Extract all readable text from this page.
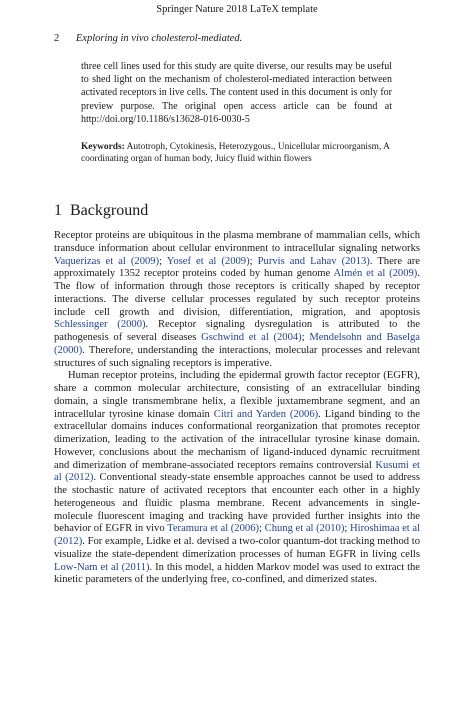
Springer Nature 2018 LaTeX template
2 Exploring in vivo cholesterol-mediated.

three cell lines used for this study are quite diverse, our results may be useful to shed light on the mechanism of cholesterol-mediated interaction between activated receptors in live cells. The content used in this document is only for preview purpose. The original open access article can be found at http://doi.org/10.1186/s13628-016-0030-5

Keywords: Autotroph, Cytokinesis, Heterozygous., Unicellular microorganism, A coordinating organ of human body, Juicy fluid within flowers
1 Background

Receptor proteins are ubiquitous in the plasma membrane of mammalian cells, which transduce information about cellular environment to intracellular signaling networks Vaquerizas et al (2009); Yosef et al (2009); Purvis and Lahav (2013). There are approximately 1352 receptor proteins coded by human genome Almén et al (2009). The flow of information through those receptors is critically shaped by receptor interactions. The diverse cellular processes regulated by such receptor proteins include cell growth and division, differentiation, migration, and apoptosis Schlessinger (2000). Receptor signaling dysregulation is attributed to the pathogenesis of several diseases Gschwind et al (2004); Mendelsohn and Baselga (2000). Therefore, understanding the interactions, molecular processes and relevant structures of such signaling receptors is imperative.

Human receptor proteins, including the epidermal growth factor receptor (EGFR), share a common molecular architecture, consisting of an extracellular binding domain, a single transmembrane helix, a flexible juxtamembrane segment, and an intracellular tyrosine kinase domain Citri and Yarden (2006). Ligand binding to the extracellular domains induces conformational reorganization that promotes receptor dimerization, leading to the activation of the intracellular tyrosine kinase domain. However, conclusions about the mechanism of ligand-induced dynamic recruitment and dimerization of membrane-associated receptors remains controversial Kusumi et al (2012). Conventional steady-state ensemble approaches cannot be used to address the stochastic nature of activated receptors that encounter each other in a highly heterogeneous and fluidic plasma membrane. Recent advancements in single-molecule fluorescent imaging and tracking have provided further insights into the behavior of EGFR in vivo Teramura et al (2006); Chung et al (2010); Hiroshimaa et al (2012). For example, Lidke et al. devised a two-color quantum-dot tracking method to visualize the state-dependent dimerization processes of human EGFR in living cells Low-Nam et al (2011). In this model, a hidden Markov model was used to extract the kinetic parameters of the underlying free, co-confined, and dimerized states.
